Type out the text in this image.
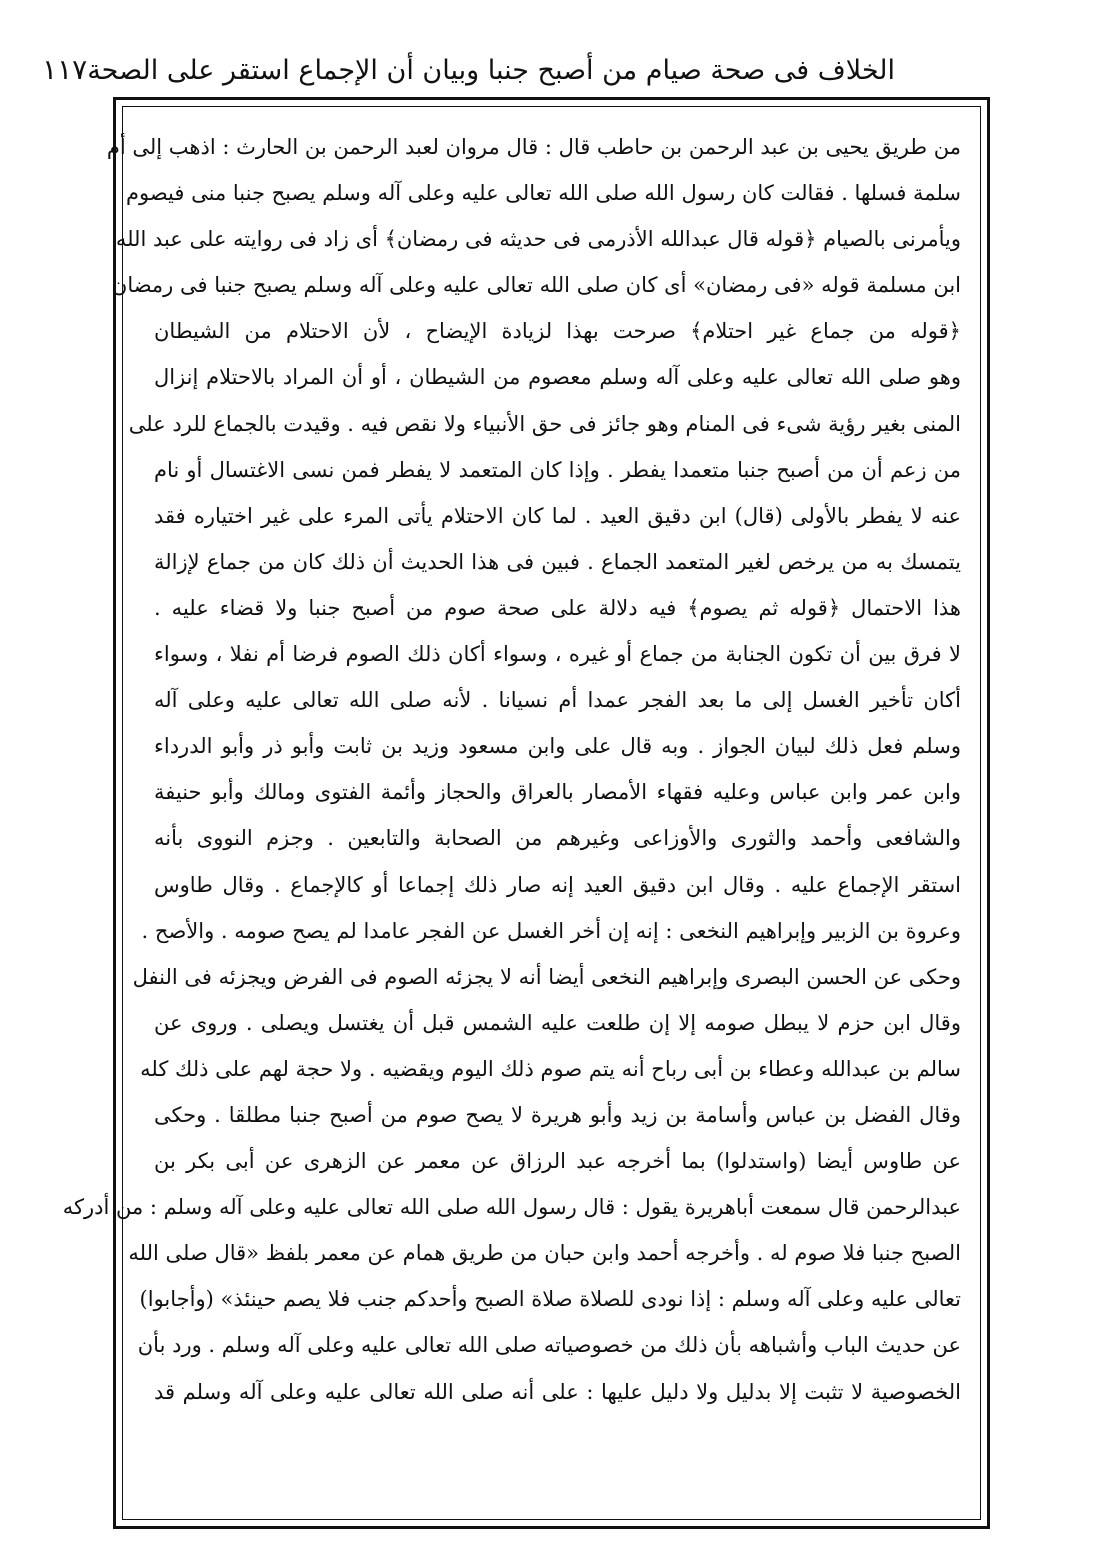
الخلاف فى صحة صيام من أصبح جنبا وبيان أن الإجماع استقر على الصحة
١١٧
من طريق يحيى بن عبد الرحمن بن حاطب قال : قال مروان لعبد الرحمن بن الحارث : اذهب إلى أم
سلمة فسلها . فقالت كان رسول الله صلى الله تعالى عليه وعلى آله وسلم يصبح جنبا منى فيصوم
ويأمرنى بالصيام ﴿قوله قال عبدالله الأذرمى فى حديثه فى رمضان﴾ أى زاد فى روايته على عبد الله
ابن مسلمة قوله «فى رمضان» أى كان صلى الله تعالى عليه وعلى آله وسلم يصبح جنبا فى رمضان
﴿قوله من جماع غير احتلام﴾ صرحت بهذا لزيادة الإيضاح ، لأن الاحتلام من الشيطان
وهو صلى الله تعالى عليه وعلى آله وسلم معصوم من الشيطان ، أو أن المراد بالاحتلام إنزال
المنى بغير رؤية شىء فى المنام وهو جائز فى حق الأنبياء ولا نقص فيه . وقيدت بالجماع للرد على
من زعم أن من أصبح جنبا متعمدا يفطر . وإذا كان المتعمد لا يفطر فمن نسى الاغتسال أو نام
عنه لا يفطر بالأولى (قال) ابن دقيق العيد . لما كان الاحتلام يأتى المرء على غير اختياره فقد
يتمسك به من يرخص لغير المتعمد الجماع . فبين فى هذا الحديث أن ذلك كان من جماع لإزالة
هذا الاحتمال ﴿قوله ثم يصوم﴾ فيه دلالة على صحة صوم من أصبح جنبا ولا قضاء عليه .
لا فرق بين أن تكون الجنابة من جماع أو غيره ، وسواء أكان ذلك الصوم فرضا أم نفلا ، وسواء
أكان تأخير الغسل إلى ما بعد الفجر عمدا أم نسيانا . لأنه صلى الله تعالى عليه وعلى آله
وسلم فعل ذلك لبيان الجواز . وبه قال على وابن مسعود وزيد بن ثابت وأبو ذر وأبو الدرداء
وابن عمر وابن عباس وعليه فقهاء الأمصار بالعراق والحجاز وأئمة الفتوى ومالك وأبو حنيفة
والشافعى وأحمد والثورى والأوزاعى وغيرهم من الصحابة والتابعين . وجزم النووى بأنه
استقر الإجماع عليه . وقال ابن دقيق العيد إنه صار ذلك إجماعا أو كالإجماع . وقال طاوس
وعروة بن الزبير وإبراهيم النخعى : إنه إن أخر الغسل عن الفجر عامدا لم يصح صومه . والأصح .
وحكى عن الحسن البصرى وإبراهيم النخعى أيضا أنه لا يجزئه الصوم فى الفرض ويجزئه فى النفل
وقال ابن حزم لا يبطل صومه إلا إن طلعت عليه الشمس قبل أن يغتسل ويصلى . وروى عن
سالم بن عبدالله وعطاء بن أبى رباح أنه يتم صوم ذلك اليوم ويقضيه . ولا حجة لهم على ذلك كله
وقال الفضل بن عباس وأسامة بن زيد وأبو هريرة لا يصح صوم من أصبح جنبا مطلقا . وحكى
عن طاوس أيضا (واستدلوا) بما أخرجه عبد الرزاق عن معمر عن الزهرى عن أبى بكر بن
عبدالرحمن قال سمعت أباهريرة يقول : قال رسول الله صلى الله تعالى عليه وعلى آله وسلم : من أدركه
الصبح جنبا فلا صوم له . وأخرجه أحمد وابن حبان من طريق همام عن معمر بلفظ «قال صلى الله
تعالى عليه وعلى آله وسلم : إذا نودى للصلاة صلاة الصبح وأحدكم جنب فلا يصم حينئذ» (وأجابوا)
عن حديث الباب وأشباهه بأن ذلك من خصوصياته صلى الله تعالى عليه وعلى آله وسلم . ورد بأن
الخصوصية لا تثبت إلا بدليل ولا دليل عليها : على أنه صلى الله تعالى عليه وعلى آله وسلم قد
